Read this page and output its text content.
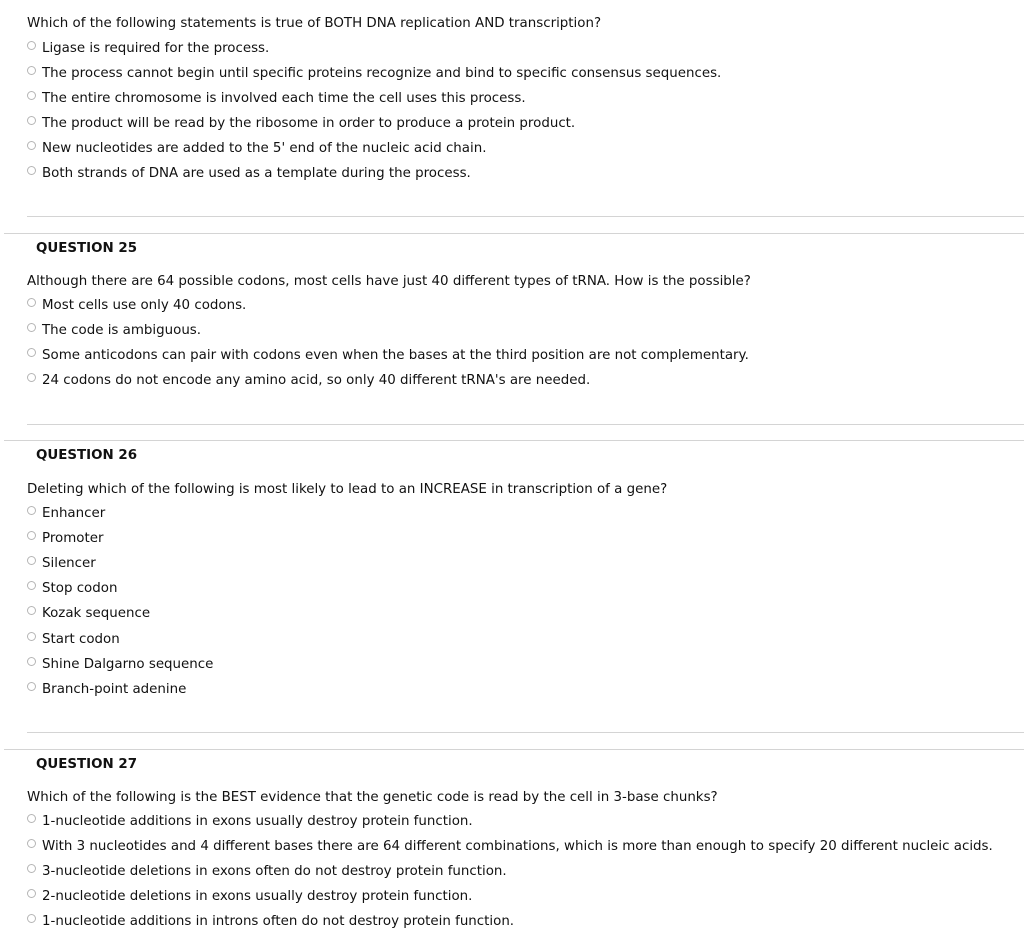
Which of the following statements is true of BOTH DNA replication AND transcription?
Ligase is required for the process.
The process cannot begin until specific proteins recognize and bind to specific consensus sequences.
The entire chromosome is involved each time the cell uses this process.
The product will be read by the ribosome in order to produce a protein product.
New nucleotides are added to the 5' end of the nucleic acid chain.
Both strands of DNA are used as a template during the process.
QUESTION 25
Although there are 64 possible codons, most cells have just 40 different types of tRNA. How is the possible?
Most cells use only 40 codons.
The code is ambiguous.
Some anticodons can pair with codons even when the bases at the third position are not complementary.
24 codons do not encode any amino acid, so only 40 different tRNA's are needed.
QUESTION 26
Deleting which of the following is most likely to lead to an INCREASE in transcription of a gene?
Enhancer
Promoter
Silencer
Stop codon
Kozak sequence
Start codon
Shine Dalgarno sequence
Branch-point adenine
QUESTION 27
Which of the following is the BEST evidence that the genetic code is read by the cell in 3-base chunks?
1-nucleotide additions in exons usually destroy protein function.
With 3 nucleotides and 4 different bases there are 64 different combinations, which is more than enough to specify 20 different nucleic acids.
3-nucleotide deletions in exons often do not destroy protein function.
2-nucleotide deletions in exons usually destroy protein function.
1-nucleotide additions in introns often do not destroy protein function.
